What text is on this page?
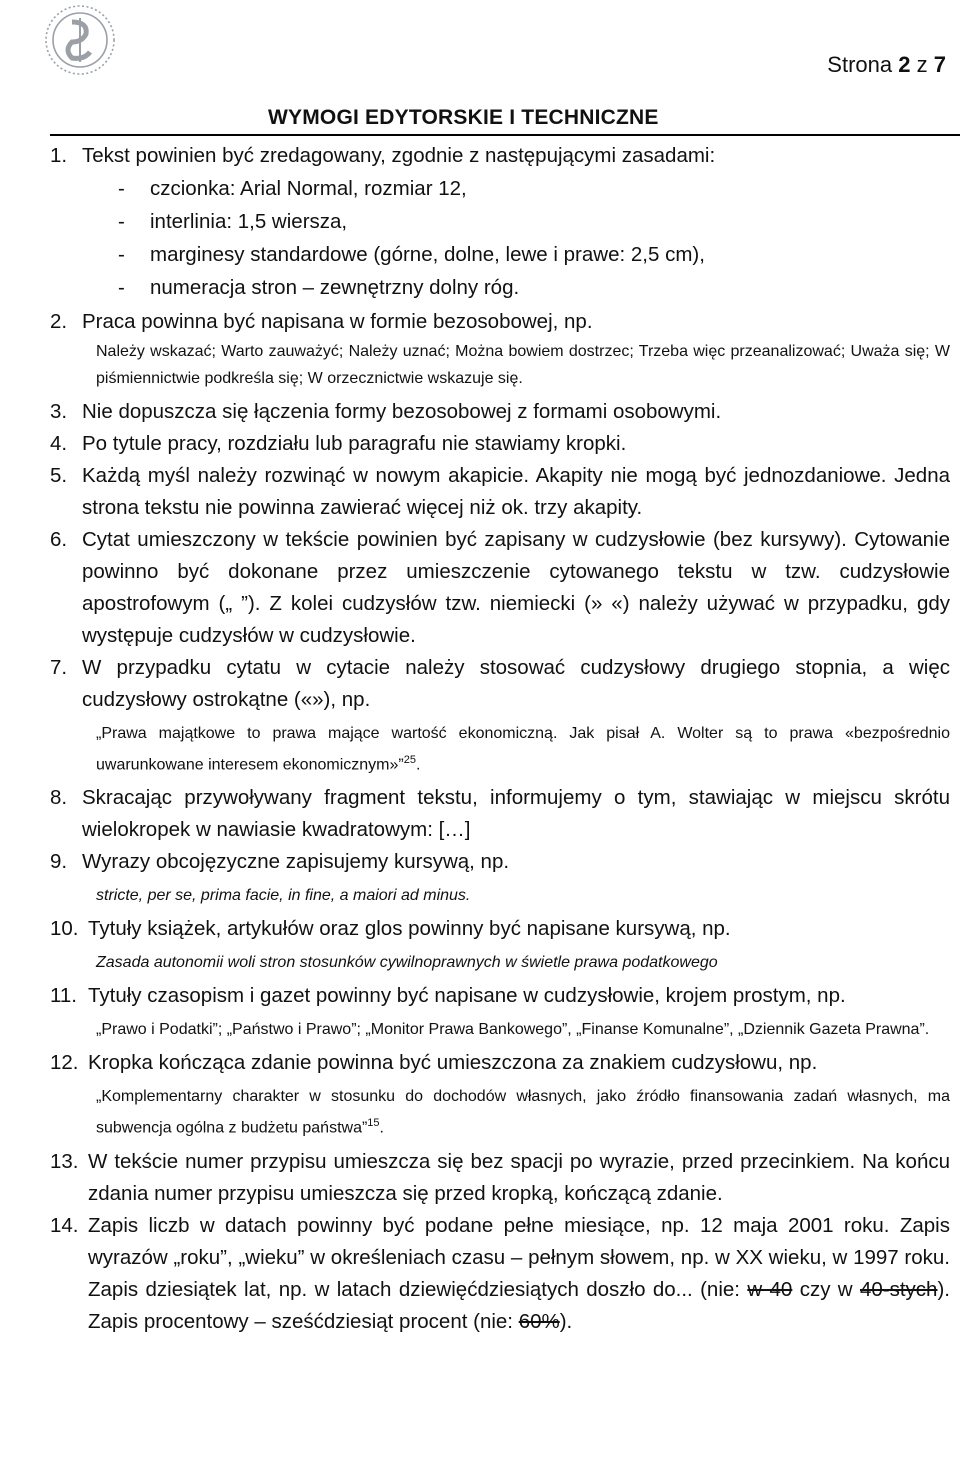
Strona 2 z 7
WYMOGI EDYTORSKIE I TECHNICZNE
1. Tekst powinien być zredagowany, zgodnie z następującymi zasadami:
-	czcionka: Arial Normal, rozmiar 12,
-	interlinia: 1,5 wiersza,
-	marginesy standardowe (górne, dolne, lewe i prawe: 2,5 cm),
-	numeracja stron – zewnętrzny dolny róg.
2. Praca powinna być napisana w formie bezosobowej, np.
Należy wskazać; Warto zauważyć; Należy uznać; Można bowiem dostrzec; Trzeba więc przeanalizować; Uważa się; W piśmiennictwie podkreśla się; W orzecznictwie wskazuje się.
3. Nie dopuszcza się łączenia formy bezosobowej z formami osobowymi.
4. Po tytule pracy, rozdziału lub paragrafu nie stawiamy kropki.
5. Każdą myśl należy rozwinąć w nowym akapicie. Akapity nie mogą być jednozdaniowe. Jedna strona tekstu nie powinna zawierać więcej niż ok. trzy akapity.
6. Cytat umieszczony w tekście powinien być zapisany w cudzysłowie (bez kursywy). Cytowanie powinno być dokonane przez umieszczenie cytowanego tekstu w tzw. cudzysłowie apostrofowym („ ”). Z kolei cudzysłów tzw. niemiecki (» «) należy używać w przypadku, gdy występuje cudzysłów w cudzysłowie.
7. W przypadku cytatu w cytacie należy stosować cudzysłowy drugiego stopnia, a więc cudzysłowy ostrokątne («»), np.
„Prawa majątkowe to prawa mające wartość ekonomiczną. Jak pisał A. Wolter są to prawa «bezpośrednio uwarunkowane interesem ekonomicznym»”$^{25}$.
8. Skracając przywoływany fragment tekstu, informujemy o tym, stawiając w miejscu skrótu wielokropek w nawiasie kwadratowym: […]
9. Wyrazy obcojęzyczne zapisujemy kursywą, np.
stricte, per se, prima facie, in fine, a maiori ad minus.
10. Tytuły książek, artykułów oraz glos powinny być napisane kursywą, np.
Zasada autonomii woli stron stosunków cywilnoprawnych w świetle prawa podatkowego
11. Tytuły czasopism i gazet powinny być napisane w cudzysłowie, krojem prostym, np.
„Prawo i Podatki”; „Państwo i Prawo”; „Monitor Prawa Bankowego”, „Finanse Komunalne”, „Dziennik Gazeta Prawna”.
12. Kropka kończąca zdanie powinna być umieszczona za znakiem cudzysłowu, np.
„Komplementarny charakter w stosunku do dochodów własnych, jako źródło finansowania zadań własnych, ma subwencja ogólna z budżetu państwa”$^{15}$.
13. W tekście numer przypisu umieszcza się bez spacji po wyrazie, przed przecinkiem. Na końcu zdania numer przypisu umieszcza się przed kropką, kończącą zdanie.
14. Zapis liczb w datach powinny być podane pełne miesiące, np. 12 maja 2001 roku. Zapis wyrazów „roku”, „wieku” w określeniach czasu – pełnym słowem, np. w XX wieku, w 1997 roku. Zapis dziesiątek lat, np. w latach dziewięćdziesiątych doszło do... (nie: w 40 czy w 40-stych). Zapis procentowy – sześćdziesiąt procent (nie: 60%).
